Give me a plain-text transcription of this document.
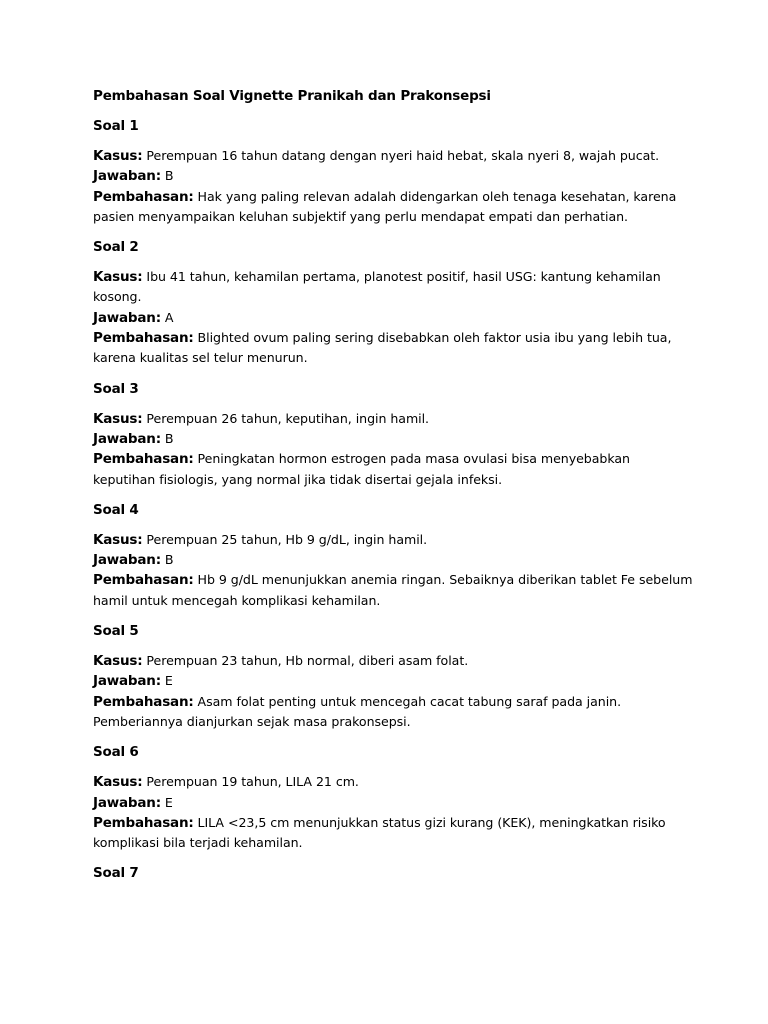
Pembahasan Soal Vignette Pranikah dan Prakonsepsi
Soal 1

Kasus: Perempuan 16 tahun datang dengan nyeri haid hebat, skala nyeri 8, wajah pucat.

Jawaban: B

Pembahasan: Hak yang paling relevan adalah didengarkan oleh tenaga kesehatan, karena pasien menyampaikan keluhan subjektif yang perlu mendapat empati dan perhatian.

Soal 2

Kasus: Ibu 41 tahun, kehamilan pertama, planotest positif, hasil USG: kantung kehamilan kosong.

Jawaban: A

Pembahasan: Blighted ovum paling sering disebabkan oleh faktor usia ibu yang lebih tua, karena kualitas sel telur menurun.

Soal 3

Kasus: Perempuan 26 tahun, keputihan, ingin hamil.

Jawaban: B

Pembahasan: Peningkatan hormon estrogen pada masa ovulasi bisa menyebabkan keputihan fisiologis, yang normal jika tidak disertai gejala infeksi.

Soal 4

Kasus: Perempuan 25 tahun, Hb 9 g/dL, ingin hamil.

Jawaban: B

Pembahasan: Hb 9 g/dL menunjukkan anemia ringan. Sebaiknya diberikan tablet Fe sebelum hamil untuk mencegah komplikasi kehamilan.

Soal 5

Kasus: Perempuan 23 tahun, Hb normal, diberi asam folat.

Jawaban: E

Pembahasan: Asam folat penting untuk mencegah cacat tabung saraf pada janin. Pemberiannya dianjurkan sejak masa prakonsepsi.

Soal 6

Kasus: Perempuan 19 tahun, LILA 21 cm.

Jawaban: E

Pembahasan: LILA <23,5 cm menunjukkan status gizi kurang (KEK), meningkatkan risiko komplikasi bila terjadi kehamilan.

Soal 7
